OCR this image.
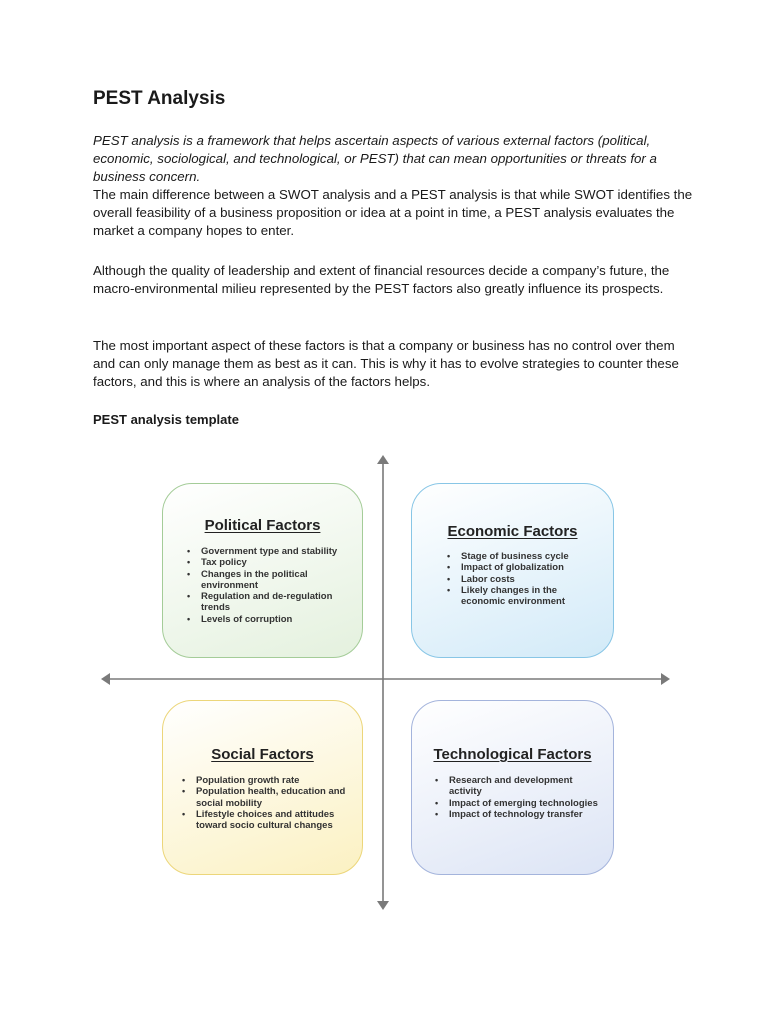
PEST Analysis

PEST analysis is a framework that helps ascertain aspects of various external factors (political, economic, sociological, and technological, or PEST) that can mean opportunities or threats for a business concern.

The main difference between a SWOT analysis and a PEST analysis is that while SWOT identifies the overall feasibility of a business proposition or idea at a point in time, a PEST analysis evaluates the market a company hopes to enter.

Although the quality of leadership and extent of financial resources decide a company’s future, the macro-environmental milieu represented by the PEST factors also greatly influence its prospects.

The most important aspect of these factors is that a company or business has no control over them and can only manage them as best as it can. This is why it has to evolve strategies to counter these factors, and this is where an analysis of the factors helps.

PEST analysis template
Political Factors
• Government type and stability
• Tax policy
• Changes in the political environment
• Regulation and de-regulation trends
• Levels of corruption
Economic Factors
• Stage of business cycle
• Impact of globalization
• Labor costs
• Likely changes in the economic environment
Social Factors
• Population growth rate
• Population health, education and social mobility
• Lifestyle choices and attitudes toward socio cultural changes
Technological Factors
• Research and development activity
• Impact of emerging technologies
• Impact of technology transfer
